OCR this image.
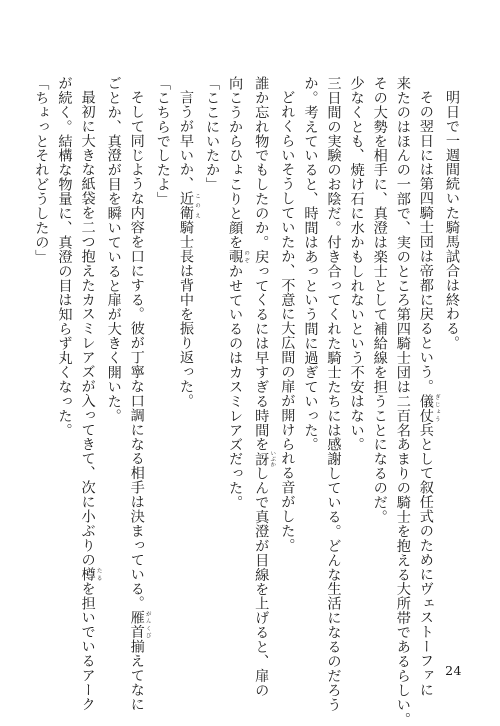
明日で一週間続いた騎馬試合は終わる。
その翌日には第四騎士団は帝都に戻るという。儀仗 ぎじょう兵として叙任式のためにヴェストーファに
来たのはほんの一部で、実のところ第四騎士団は二百名あまりの騎士を抱える大所帯であるらしい。
その大勢を相手に、真澄は楽士として補給線を担うことになるのだ。
少なくとも、焼け石に水かもしれないという不安はない。
三日間の実験のお陰だ。付き合ってくれた騎士たちには感謝している。どんな生活になるのだろう
か。考えていると、時間はあっという間に過ぎていった。
どれくらいそうしていたか、不意に大広間の扉が開けられる音がした。
誰か忘れ物でもしたのか。戻ってくるには早すぎる時間を訝 いぶかしんで真澄が目線を上げると、扉の
向こうからひょこりと顔を覗 のぞかせているのはカスミレアズだった。
「ここにいたか」
言うが早いか、近衛 このえ騎士長は背中を振り返った。
「こちらでしたよ」
そして同じような内容を口にする。彼が丁寧な口調になる相手は決まっている。雁首 がんくび揃えてなに
ごとか、真澄が目を瞬いていると扉が大きく開いた。
最初に大きな紙袋を二つ抱えたカスミレアズが入ってきて、次に小ぶりの樽 たるを担いでいるアーク
が続く。結構な物量に、真澄の目は知らず丸くなった。
「ちょっとそれどうしたの」
24
